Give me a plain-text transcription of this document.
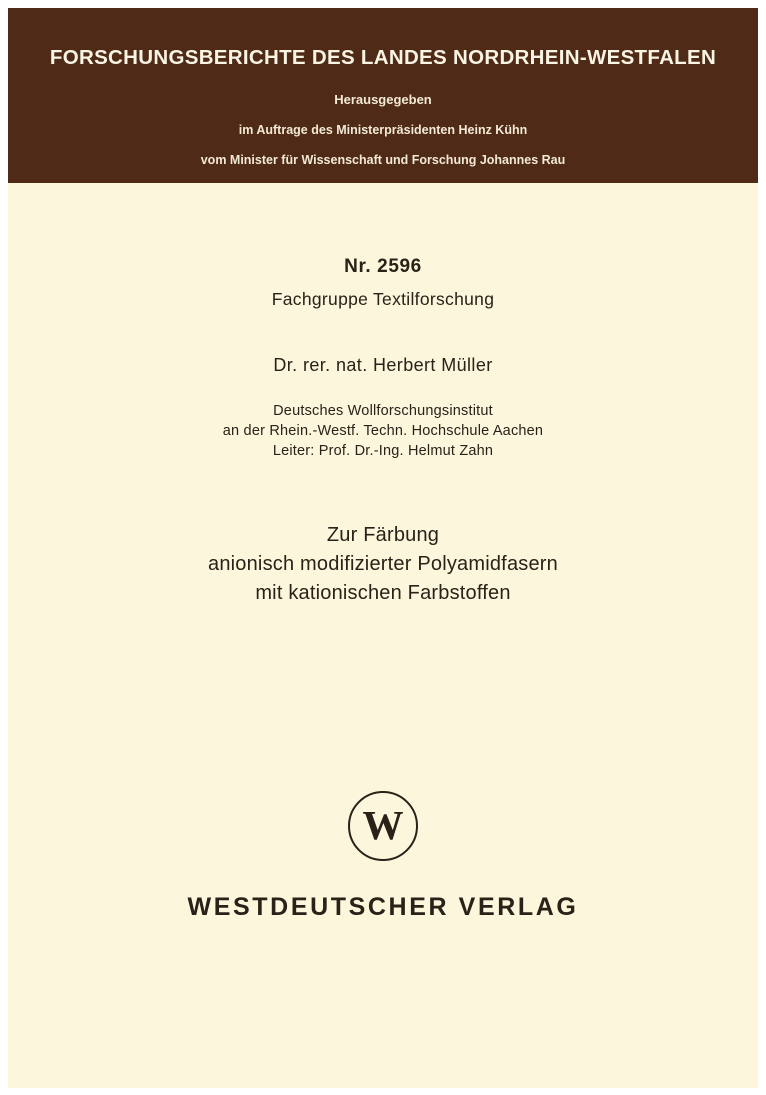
FORSCHUNGSBERICHTE DES LANDES NORDRHEIN-WESTFALEN
Herausgegeben
im Auftrage des Ministerpräsidenten Heinz Kühn
vom Minister für Wissenschaft und Forschung Johannes Rau
Nr. 2596
Fachgruppe Textilforschung
Dr. rer. nat. Herbert Müller
Deutsches Wollforschungsinstitut
an der Rhein.-Westf. Techn. Hochschule Aachen
Leiter: Prof. Dr.-Ing. Helmut Zahn
Zur Färbung
anionisch modifizierter Polyamidfasern
mit kationischen Farbstoffen
W
WESTDEUTSCHER VERLAG
